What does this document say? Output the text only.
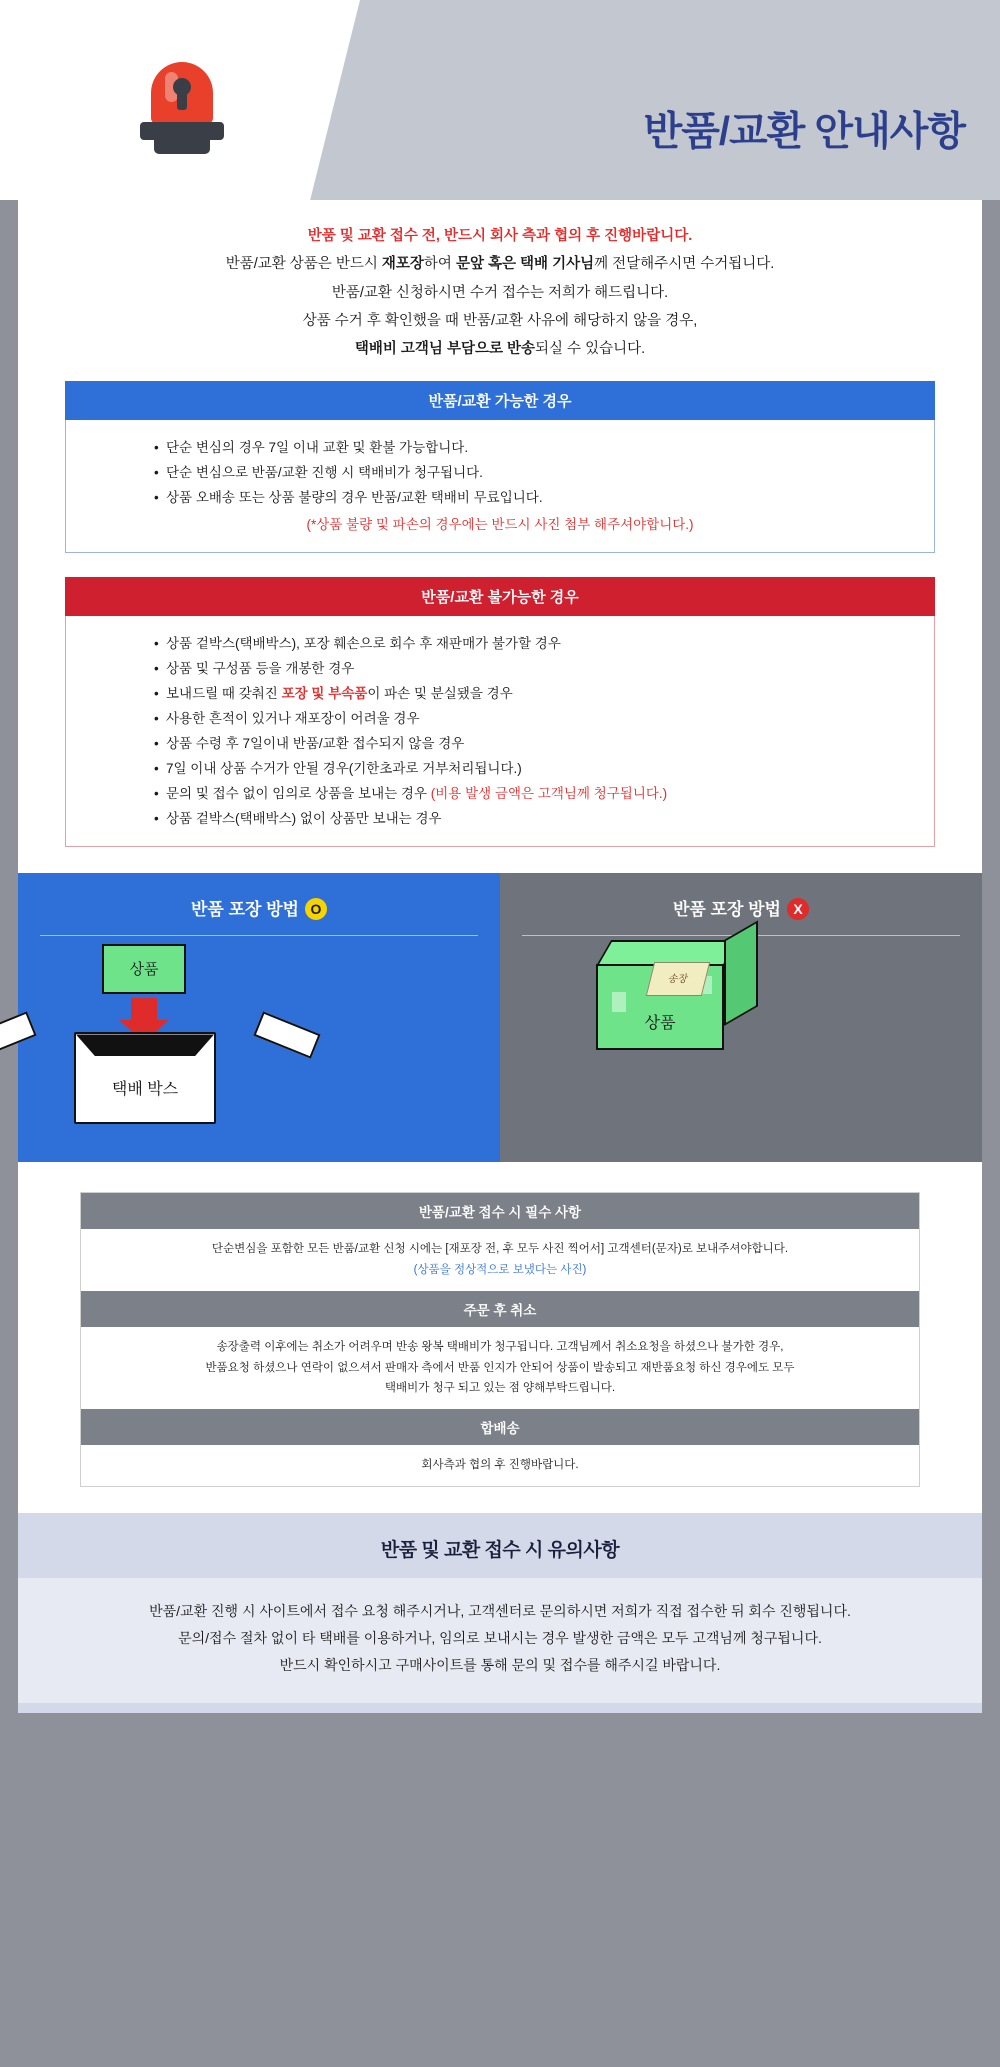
반품/교환 안내사항
반품 및 교환 접수 전, 반드시 회사 측과 협의 후 진행바랍니다.
반품/교환 상품은 반드시 재포장하여 문앞 혹은 택배 기사님께 전달해주시면 수거됩니다.
반품/교환 신청하시면 수거 접수는 저희가 해드립니다.
상품 수거 후 확인했을 때 반품/교환 사유에 해당하지 않을 경우,
택배비 고객님 부담으로 반송되실 수 있습니다.
반품/교환 가능한 경우
• 단순 변심의 경우 7일 이내 교환 및 환불 가능합니다.
• 단순 변심으로 반품/교환 진행 시 택배비가 청구됩니다.
• 상품 오배송 또는 상품 불량의 경우 반품/교환 택배비 무료입니다.
(*상품 불량 및 파손의 경우에는 반드시 사진 첨부 해주셔야합니다.)
반품/교환 불가능한 경우
• 상품 겉박스(택배박스), 포장 훼손으로 회수 후 재판매가 불가할 경우
• 상품 및 구성품 등을 개봉한 경우
• 보내드릴 때 갖춰진 포장 및 부속품이 파손 및 분실됐을 경우
• 사용한 흔적이 있거나 재포장이 어려울 경우
• 상품 수령 후 7일이내 반품/교환 접수되지 않을 경우
• 7일 이내 상품 수거가 안될 경우(기한초과로 거부처리됩니다.)
• 문의 및 접수 없이 임의로 상품을 보내는 경우 (비용 발생 금액은 고객님께 청구됩니다.)
• 상품 겉박스(택배박스) 없이 상품만 보내는 경우
반품 포장 방법 O
상품
택배 박스
반품 포장 방법 X
송장
상품
반품/교환 접수 시 필수 사항
단순변심을 포함한 모든 반품/교환 신청 시에는 [재포장 전, 후 모두 사진 찍어서] 고객센터(문자)로 보내주셔야합니다.
(상품을 정상적으로 보냈다는 사진)
주문 후 취소
송장출력 이후에는 취소가 어려우며 반송 왕복 택배비가 청구됩니다. 고객님께서 취소요청을 하셨으나 불가한 경우,
반품요청 하셨으나 연락이 없으셔서 판매자 측에서 반품 인지가 안되어 상품이 발송되고 재반품요청 하신 경우에도 모두
택배비가 청구 되고 있는 점 양해부탁드립니다.
합배송
회사측과 협의 후 진행바랍니다.
반품 및 교환 접수 시 유의사항
반품/교환 진행 시 사이트에서 접수 요청 해주시거나, 고객센터로 문의하시면 저희가 직접 접수한 뒤 회수 진행됩니다.
문의/접수 절차 없이 타 택배를 이용하거나, 임의로 보내시는 경우 발생한 금액은 모두 고객님께 청구됩니다.
반드시 확인하시고 구매사이트를 통해 문의 및 접수를 해주시길 바랍니다.
